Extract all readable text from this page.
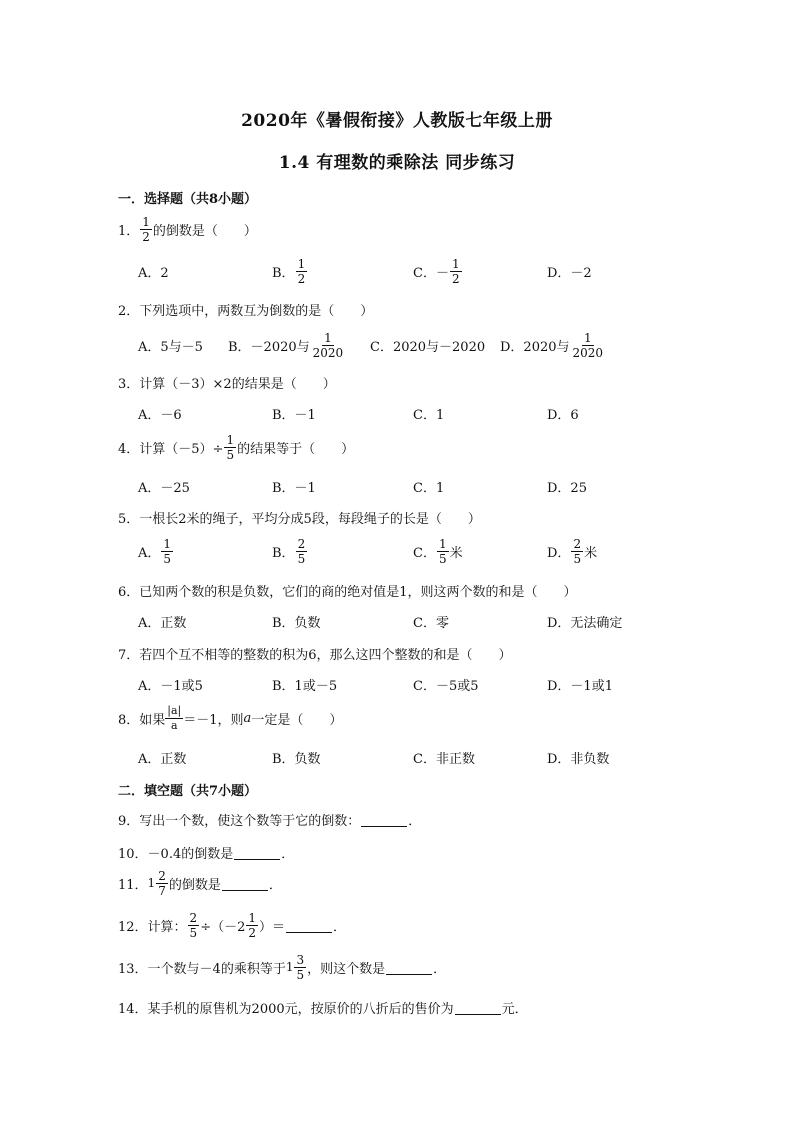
2020年《暑假衔接》人教版七年级上册
1.4 有理数的乘除法 同步练习
一．选择题（共8小题）
1． $\frac{1}{2}$ 的倒数是（　　）
A．2	B． $\frac{1}{2}$	C．－ $\frac{1}{2}$	D．－2
2．下列选项中，两数互为倒数的是（　　）
A．5与－5 B．－2020与 $\frac{1}{2020}$ C．2020与－2020 D．2020与 $\frac{1}{2020}$
3．计算（－3）×2的结果是（　　）
A．－6	B．－1	C．1	D．6
4．计算$(-5)\div \frac{1}{5}$ 的结果等于（　　）
A．－25	B．－1	C．1	D．25
5．一根长2米的绳子，平均分成5段，每段绳子的长是（　　）
A． $\frac{1}{5}$	B． $\frac{2}{5}$	C． $\frac{1}{5}$ 米	D． $\frac{2}{5}$ 米
6．已知两个数的积是负数，它们的商的绝对值是1，则这两个数的和是（　　）
A．正数	B．负数	C．零	D．无法确定
7．若四个互不相等的整数的积为6，那么这四个整数的和是（　　）
A．－1或5	B．1或－5	C．－5或5	D．－1或1
8．如果 $\frac{|a|}{a} =-1$，则 a 一定是（　　）
A．正数	B．负数	C．非正数	D．非负数
二．填空题（共7小题）
9．写出一个数，使这个数等于它的倒数：	．
10．－0.4的倒数是	．
11． $1 \frac{2}{7}$ 的倒数是	．
12．计算： $\frac{2}{5} \div(-2 \frac{1}{2}$ ）＝	．
13．一个数与－4的乘积等于 $1 \frac{3}{5}$ ，则这个数是	．
14．某手机的原售机为2000元，按原价的八折后的售价为	元．
